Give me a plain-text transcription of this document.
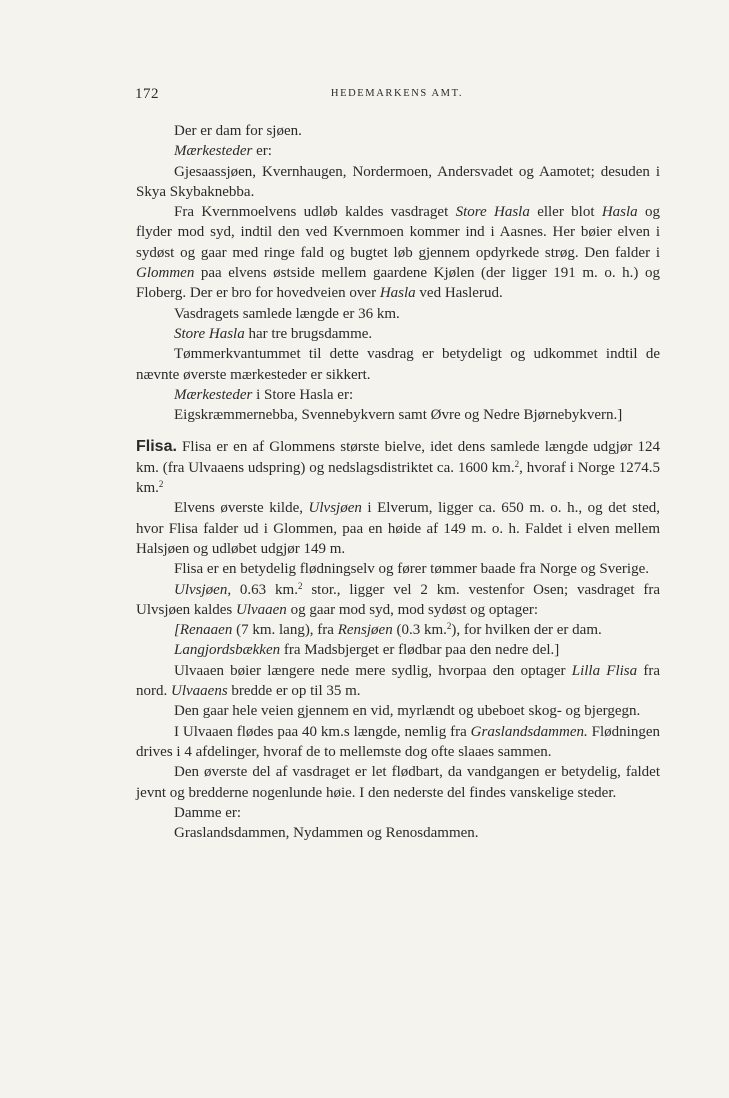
172	HEDEMARKENS AMT.

Der er dam for sjøen.

Mærkesteder er:

Gjesaassjøen, Kvernhaugen, Nordermoen, Andersvadet og Aamotet; desuden i Skya Skybaknebba.

Fra Kvernmoelvens udløb kaldes vasdraget Store Hasla eller blot Hasla og flyder mod syd, indtil den ved Kvernmoen kommer ind i Aasnes. Her bøier elven i sydøst og gaar med ringe fald og bugtet løb gjennem opdyrkede strøg. Den falder i Glommen paa elvens østside mellem gaardene Kjølen (der ligger 191 m. o. h.) og Floberg. Der er bro for hovedveien over Hasla ved Haslerud.

Vasdragets samlede længde er 36 km.

Store Hasla har tre brugsdamme.

Tømmerkvantummet til dette vasdrag er betydeligt og udkommet indtil de nævnte øverste mærkesteder er sikkert.

Mærkesteder i Store Hasla er:

Eigskræmmernebba, Svennebykvern samt Øvre og Nedre Bjørnebykvern.]

Flisa. Flisa er en af Glommens største bielve, idet dens samlede længde udgjør 124 km. (fra Ulvaaens udspring) og nedslagsdistriktet ca. 1600 km.$^2$, hvoraf i Norge 1274.5 km.$^2$

Elvens øverste kilde, Ulvsjøen i Elverum, ligger ca. 650 m. o. h., og det sted, hvor Flisa falder ud i Glommen, paa en høide af 149 m. o. h. Faldet i elven mellem Halsjøen og udløbet udgjør 149 m.

Flisa er en betydelig flødningselv og fører tømmer baade fra Norge og Sverige.

Ulvsjøen, 0.63 km.$^2$ stor., ligger vel 2 km. vestenfor Osen; vasdraget fra Ulvsjøen kaldes Ulvaaen og gaar mod syd, mod sydøst og optager:

[Renaaen (7 km. lang), fra Rensjøen (0.3 km.$^2$), for hvilken der er dam.

Langjordsbækken fra Madsbjerget er flødbar paa den nedre del.]

Ulvaaen bøier længere nede mere sydlig, hvorpaa den optager Lilla Flisa fra nord. Ulvaaens bredde er op til 35 m.

Den gaar hele veien gjennem en vid, myrlændt og ubeboet skog- og bjergegn.

I Ulvaaen flødes paa 40 km.s længde, nemlig fra Graslandsdammen. Flødningen drives i 4 afdelinger, hvoraf de to mellemste dog ofte slaaes sammen.

Den øverste del af vasdraget er let flødbart, da vandgangen er betydelig, faldet jevnt og bredderne nogenlunde høie. I den nederste del findes vanskelige steder.

Damme er:

Graslandsdammen, Nydammen og Renosdammen.
